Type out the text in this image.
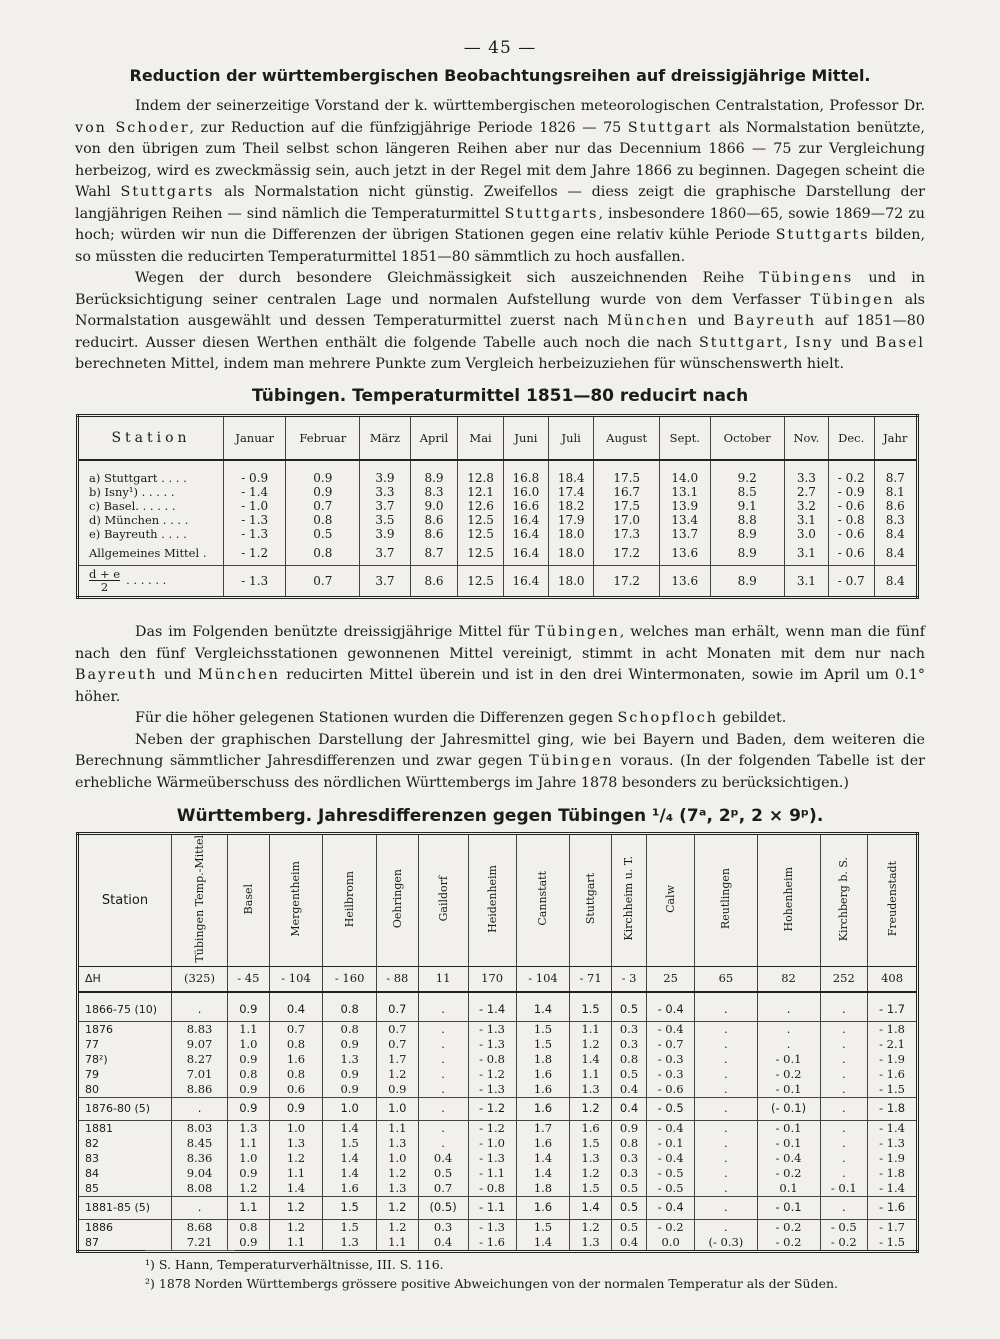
— 45 —
Reduction der württembergischen Beobachtungsreihen auf dreissigjährige Mittel.

Indem der seinerzeitige Vorstand der k. württembergischen meteorologischen Centralstation, Professor Dr. von Schoder, zur Reduction auf die fünfzigjährige Periode 1826 — 75 Stuttgart als Normalstation benützte, von den übrigen zum Theil selbst schon längeren Reihen aber nur das Decennium 1866 — 75 zur Vergleichung herbeizog, wird es zweckmässig sein, auch jetzt in der Regel mit dem Jahre 1866 zu beginnen. Dagegen scheint die Wahl Stuttgarts als Normalstation nicht günstig. Zweifellos — diess zeigt die graphische Darstellung der langjährigen Reihen — sind nämlich die Temperaturmittel Stuttgarts, insbesondere 1860—65, sowie 1869—72 zu hoch; würden wir nun die Differenzen der übrigen Stationen gegen eine relativ kühle Periode Stuttgarts bilden, so müssten die reducirten Temperaturmittel 1851—80 sämmtlich zu hoch ausfallen.

Wegen der durch besondere Gleichmässigkeit sich auszeichnenden Reihe Tübingens und in Berücksichtigung seiner centralen Lage und normalen Aufstellung wurde von dem Verfasser Tübingen als Normalstation ausgewählt und dessen Temperaturmittel zuerst nach München und Bayreuth auf 1851—80 reducirt. Ausser diesen Werthen enthält die folgende Tabelle auch noch die nach Stuttgart, Isny und Basel berechneten Mittel, indem man mehrere Punkte zum Vergleich herbeizuziehen für wünschenswerth hielt.

Tübingen. Temperaturmittel 1851—80 reducirt nach
Station	Januar	Februar	März	April	Mai	Juni	Juli	August	Sept.	October	Nov.	Dec.	Jahr
a) Stuttgart . . . .	- 0.9	0.9	3.9	8.9	12.8	16.8	18.4	17.5	14.0	9.2	3.3	- 0.2	8.7
b) Isny¹) . . . . .	- 1.4	0.9	3.3	8.3	12.1	16.0	17.4	16.7	13.1	8.5	2.7	- 0.9	8.1
c) Basel. . . . . .	- 1.0	0.7	3.7	9.0	12.6	16.6	18.2	17.5	13.9	9.1	3.2	- 0.6	8.6
d) München . . . .	- 1.3	0.8	3.5	8.6	12.5	16.4	17.9	17.0	13.4	8.8	3.1	- 0.8	8.3
e) Bayreuth . . . .	- 1.3	0.5	3.9	8.6	12.5	16.4	18.0	17.3	13.7	8.9	3.0	- 0.6	8.4
Allgemeines Mittel .	- 1.2	0.8	3.7	8.7	12.5	16.4	18.0	17.2	13.6	8.9	3.1	- 0.6	8.4

$\frac{d + e}{2}$ . . . . . .	- 1.3	0.7	3.7	8.6	12.5	16.4	18.0	17.2	13.6	8.9	3.1	- 0.7	8.4

Das im Folgenden benützte dreissigjährige Mittel für Tübingen, welches man erhält, wenn man die fünf nach den fünf Vergleichsstationen gewonnenen Mittel vereinigt, stimmt in acht Monaten mit dem nur nach Bayreuth und München reducirten Mittel überein und ist in den drei Wintermonaten, sowie im April um 0.1° höher.

Für die höher gelegenen Stationen wurden die Differenzen gegen Schopfloch gebildet.

Neben der graphischen Darstellung der Jahresmittel ging, wie bei Bayern und Baden, dem weiteren die Berechnung sämmtlicher Jahresdifferenzen und zwar gegen Tübingen voraus. (In der folgenden Tabelle ist der erhebliche Wärmeüberschuss des nördlichen Württembergs im Jahre 1878 besonders zu berücksichtigen.)

Württemberg. Jahresdifferenzen gegen Tübingen ¹/₄ (7ᵃ, 2ᵖ, 2 × 9ᵖ).
Station	Tübingen Temp.-Mittel	Basel	Mergentheim	Heilbronn	Oehringen	Gaildorf	Heidenheim	Cannstatt	Stuttgart	Kirchheim u. T.	Calw	Reutlingen	Hohenheim	Kirchberg b. S.	Freudenstadt
ΔH	(325)	- 45	- 104	- 160	- 88	11	170	- 104	- 71	- 3	25	65	82	252	408

1866-75 (10)	.	0.9	0.4	0.8	0.7	.	- 1.4	1.4	1.5	0.5	- 0.4	.	.	.	- 1.7
1876	8.83	1.1	0.7	0.8	0.7	.	- 1.3	1.5	1.1	0.3	- 0.4	.	.	.	- 1.8
77	9.07	1.0	0.8	0.9	0.7	.	- 1.3	1.5	1.2	0.3	- 0.7	.	.	.	- 2.1
78²)	8.27	0.9	1.6	1.3	1.7	.	- 0.8	1.8	1.4	0.8	- 0.3	.	- 0.1	.	- 1.9
79	7.01	0.8	0.8	0.9	1.2	.	- 1.2	1.6	1.1	0.5	- 0.3	.	- 0.2	.	- 1.6
80	8.86	0.9	0.6	0.9	0.9	.	- 1.3	1.6	1.3	0.4	- 0.6	.	- 0.1	.	- 1.5
1876-80 (5)	.	0.9	0.9	1.0	1.0	.	- 1.2	1.6	1.2	0.4	- 0.5	.	(- 0.1)	.	- 1.8
1881	8.03	1.3	1.0	1.4	1.1	.	- 1.2	1.7	1.6	0.9	- 0.4	.	- 0.1	.	- 1.4
82	8.45	1.1	1.3	1.5	1.3	.	- 1.0	1.6	1.5	0.8	- 0.1	.	- 0.1	.	- 1.3
83	8.36	1.0	1.2	1.4	1.0	0.4	- 1.3	1.4	1.3	0.3	- 0.4	.	- 0.4	.	- 1.9
84	9.04	0.9	1.1	1.4	1.2	0.5	- 1.1	1.4	1.2	0.3	- 0.5	.	- 0.2	.	- 1.8
85	8.08	1.2	1.4	1.6	1.3	0.7	- 0.8	1.8	1.5	0.5	- 0.5	.	0.1	- 0.1	- 1.4
1881-85 (5)	.	1.1	1.2	1.5	1.2	(0.5)	- 1.1	1.6	1.4	0.5	- 0.4	.	- 0.1	.	- 1.6
1886	8.68	0.8	1.2	1.5	1.2	0.3	- 1.3	1.5	1.2	0.5	- 0.2	.	- 0.2	- 0.5	- 1.7
87	7.21	0.9	1.1	1.3	1.1	0.4	- 1.6	1.4	1.3	0.4	0.0	(- 0.3)	- 0.2	- 0.2	- 1.5
¹) S. Hann, Temperaturverhältnisse, III. S. 116.
²) 1878 Norden Württembergs grössere positive Abweichungen von der normalen Temperatur als der Süden.
